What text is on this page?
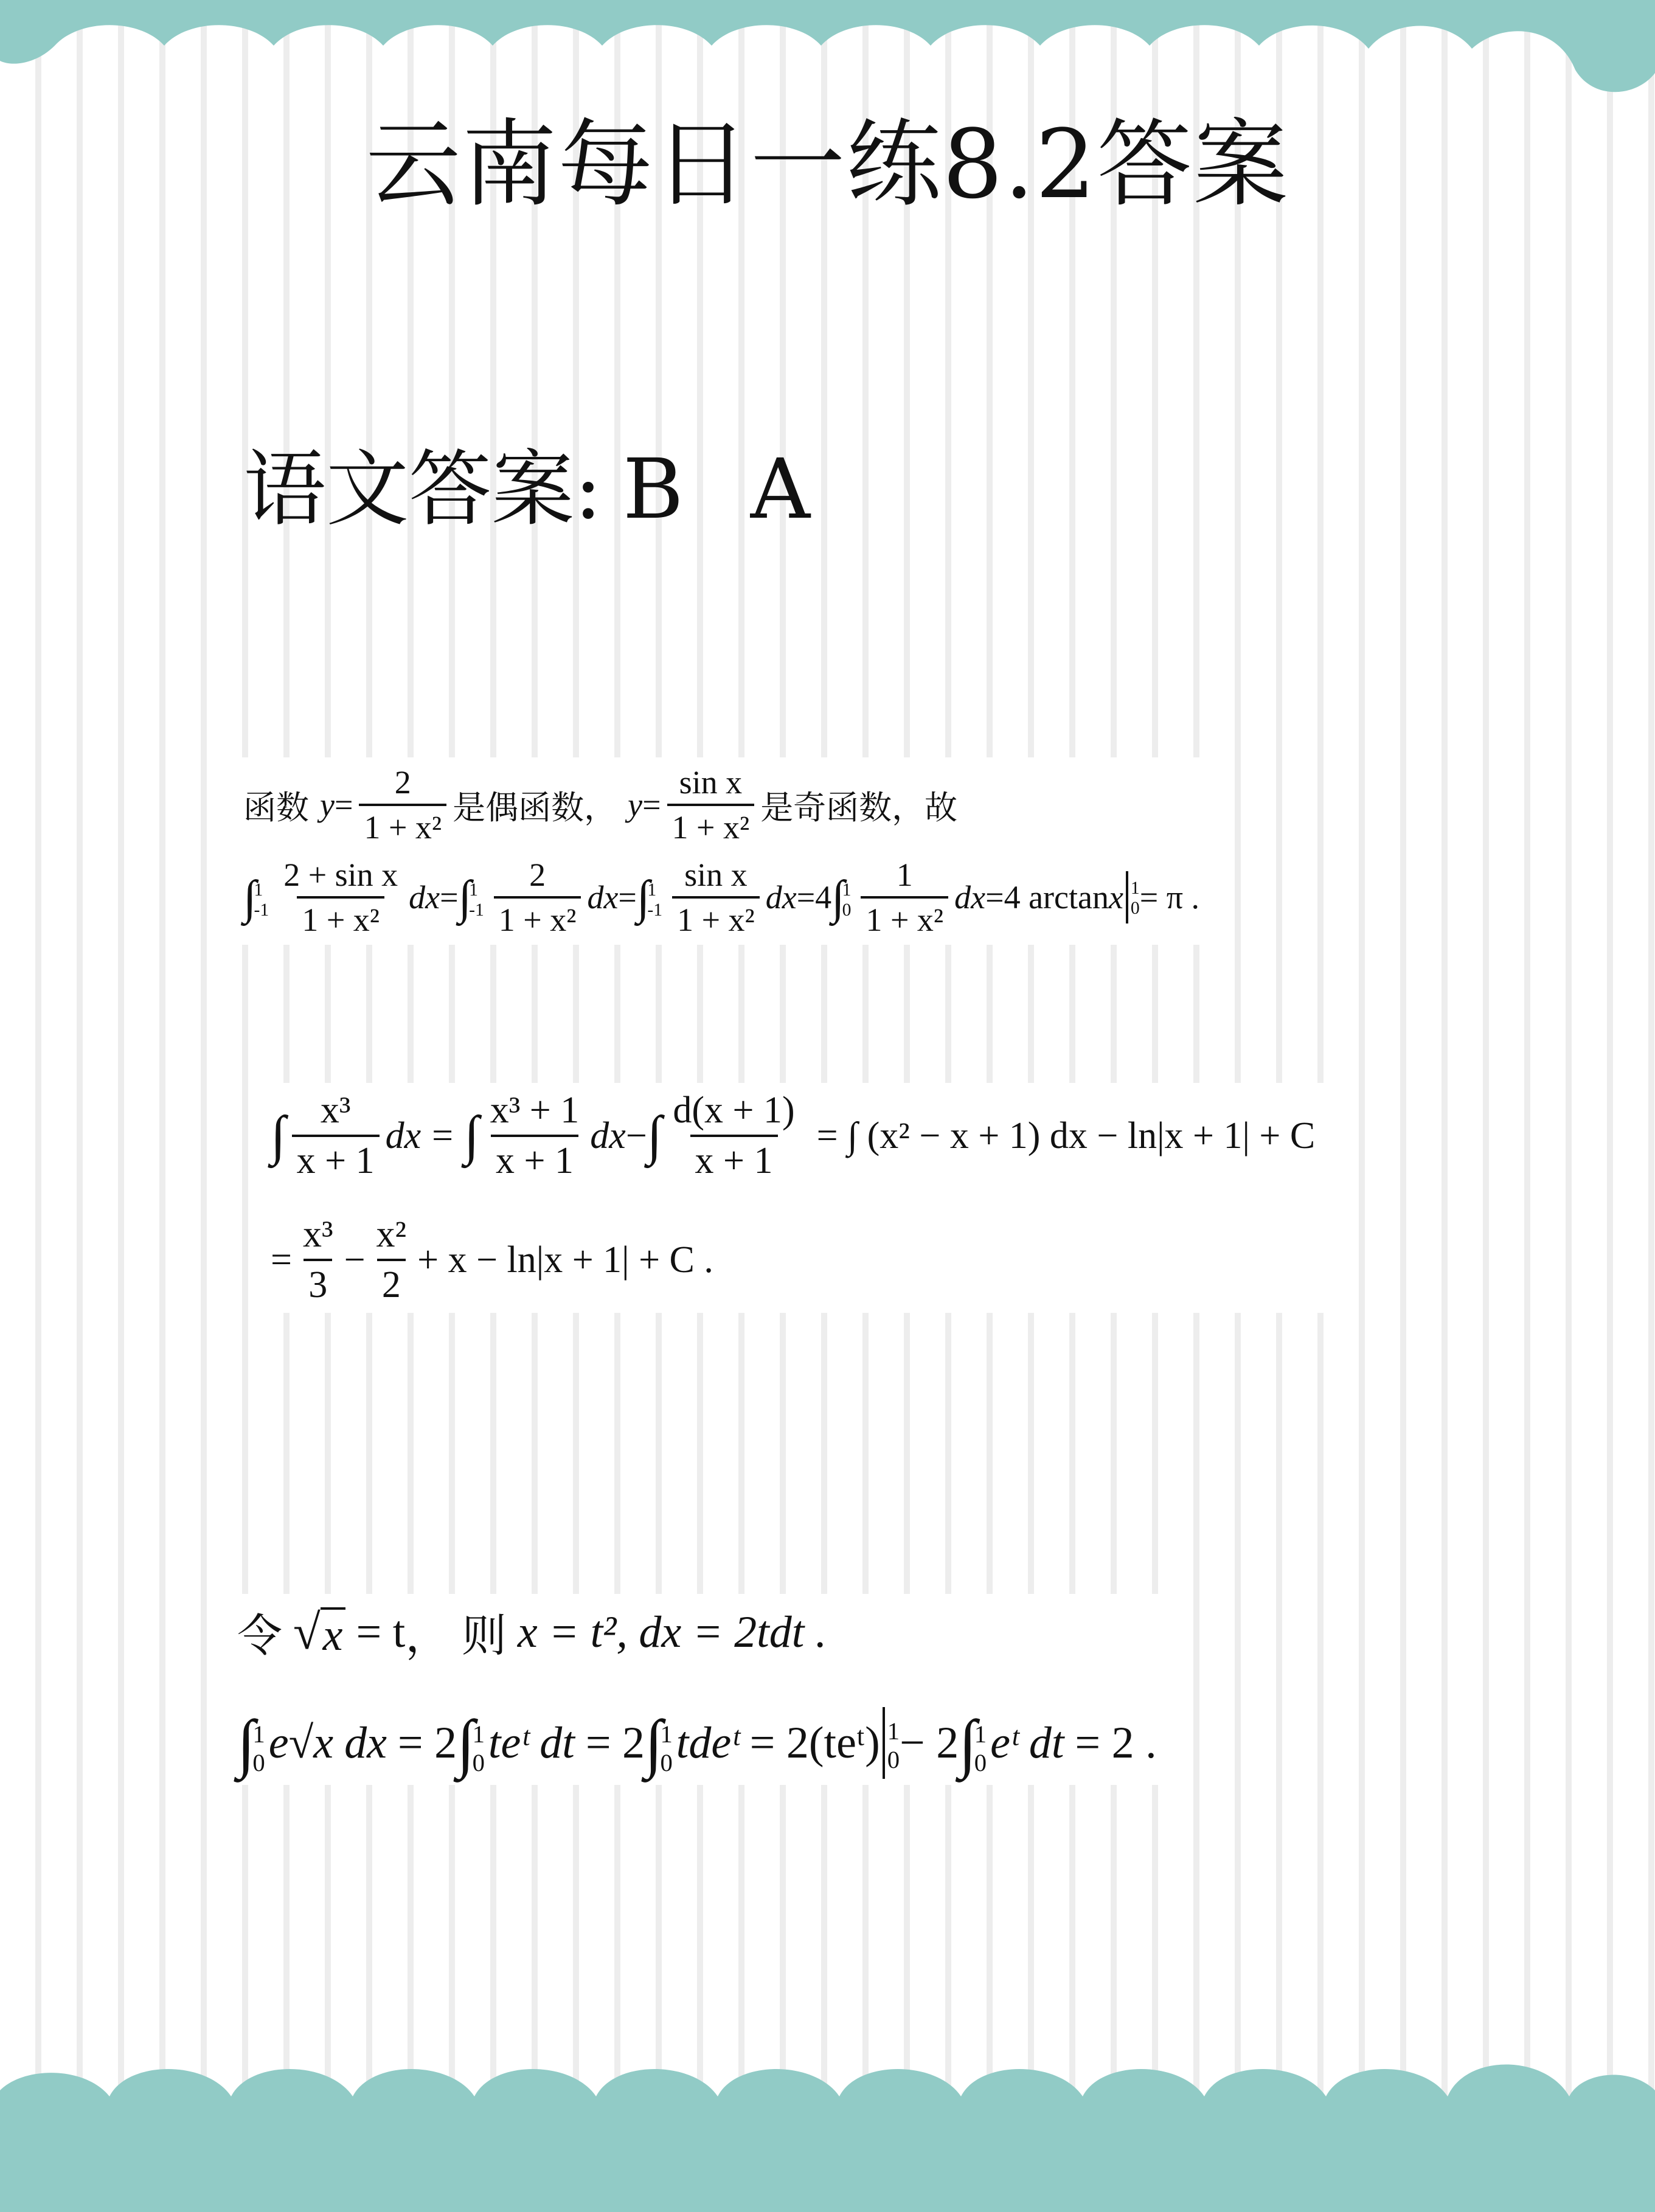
云南每日一练8.2答案
语文答案: B A
函数 $y = \frac{2}{\text{1 + x²}}$ 是偶函数， $y = \frac{\text{sin x}}{\text{1 + x²}}$ 是奇函数，故
∫
1
$-1 \frac{\text{2 + sin x}}{\text{1 + x²}}$ dx = ∫
1
$-1 \frac{2}{\text{1 + x²}}$ dx = ∫
1
$-1 \frac{\text{sin x}}{\text{1 + x²}}$ dx = 4 ∫
1
$0 \frac{1}{\text{1 + x²}}$ dx = 4 arctan x 1
0 = π .
∫ $\frac{\text{x³}}{x + 1}$ dx = ∫ $\frac{\text{x³ + 1}}{x + 1}$ dx − ∫ $\frac{d(x + 1)}{x + 1}$ = ∫ (x² − x + 1) dx − ln|x + 1| + C
= $\frac{\text{x³}}{3} - \frac{\text{x²}}{2} + x - \ln|x + 1| + C$ .
令 √ x = t ， 则 x = t², dx = 2tdt .
∫
1
0 e√x dx = 2 ∫
1
0 teᵗ dt = 2 ∫
1
0 tdeᵗ = 2(teᵗ) 1
0 − 2 ∫
1
0 eᵗ dt = 2 .
